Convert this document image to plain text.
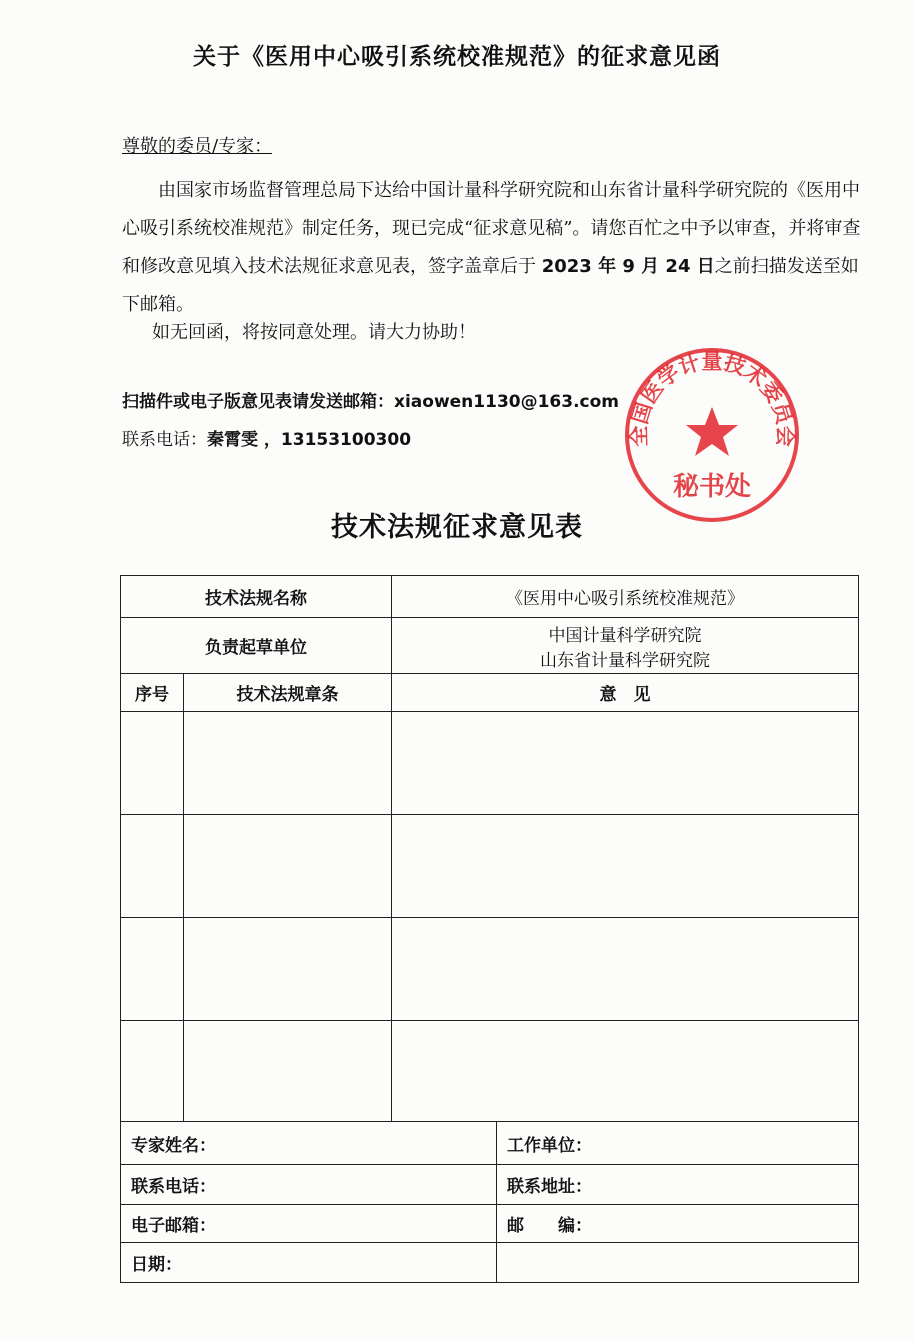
关于《医用中心吸引系统校准规范》的征求意见函
尊敬的委员/专家：
由国家市场监督管理总局下达给中国计量科学研究院和山东省计量科学研究院的《医用中心吸引系统校准规范》制定任务，现已完成“征求意见稿”。请您百忙之中予以审查，并将审查和修改意见填入技术法规征求意见表，签字盖章后于 2023 年 9 月 24 日之前扫描发送至如下邮箱。
如无回函，将按同意处理。请大力协助！
扫描件或电子版意见表请发送邮箱：xiaowen1130@163.com
联系电话：秦霄雯 ，13153100300	全国医学计量技术委员会
秘书处
技术法规征求意见表
技术法规名称		《医用中心吸引系统校准规范》	
负责起草单位		中国计量科学研究院
山东省计量科学研究院	

序号	技术法规章条	意　见	

专家姓名：			工作单位：
联系电话：			联系地址：
电子邮箱：			邮　　编：
日期：			
